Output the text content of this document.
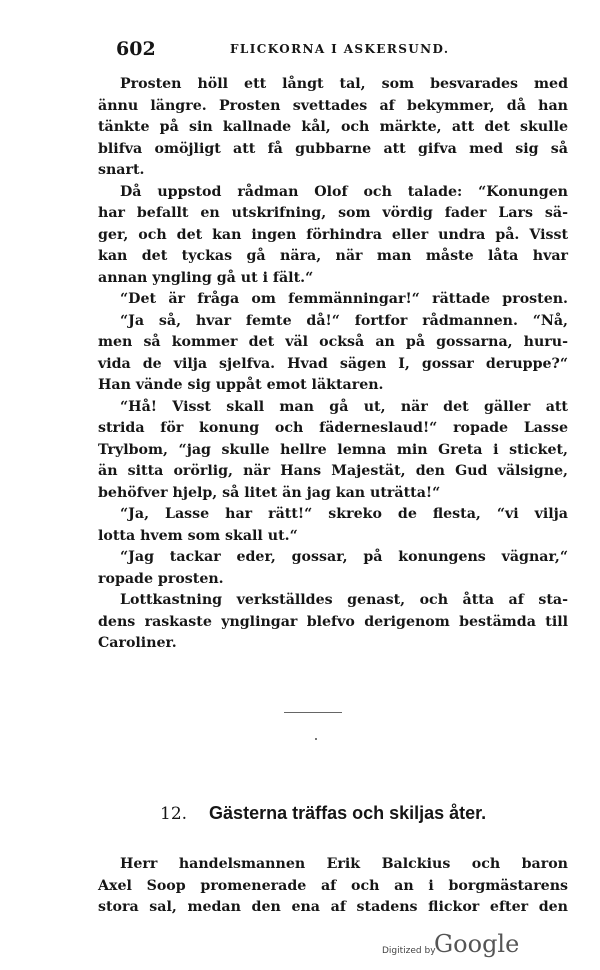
602	FLICKORNA I ASKERSUND.
Prosten höll ett långt tal, som besvarades med
ännu längre. Prosten svettades af bekymmer, då han
tänkte på sin kallnade kål, och märkte, att det skulle
blifva omöjligt att få gubbarne att gifva med sig så
snart.
Då uppstod rådman Olof och talade: “Konungen
har befallt en utskrifning, som vördig fader Lars sä-
ger, och det kan ingen förhindra eller undra på. Visst
kan det tyckas gå nära, när man måste låta hvar
annan yngling gå ut i fält.“
“Det är fråga om femmänningar!“ rättade prosten.
“Ja så, hvar femte då!“ fortfor rådmannen. “Nå,
men så kommer det väl också an på gossarna, huru-
vida de vilja sjelfva. Hvad sägen I, gossar deruppe?“
Han vände sig uppåt emot läktaren.
“Hå! Visst skall man gå ut, när det gäller att
strida för konung och fäderneslaud!“ ropade Lasse
Trylbom, “jag skulle hellre lemna min Greta i sticket,
än sitta orörlig, när Hans Majestät, den Gud välsigne,
behöfver hjelp, så litet än jag kan uträtta!“
“Ja, Lasse har rätt!“ skreko de flesta, “vi vilja
lotta hvem som skall ut.“
“Jag tackar eder, gossar, på konungens vägnar,“
ropade prosten.
Lottkastning verkställdes genast, och åtta af sta-
dens raskaste ynglingar blefvo derigenom bestämda till
Caroliner.
12. Gästerna träffas och skiljas åter.
Herr handelsmannen Erik Balckius och baron
Axel Soop promenerade af och an i borgmästarens
stora sal, medan den ena af stadens flickor efter den
Digitized by
Google
